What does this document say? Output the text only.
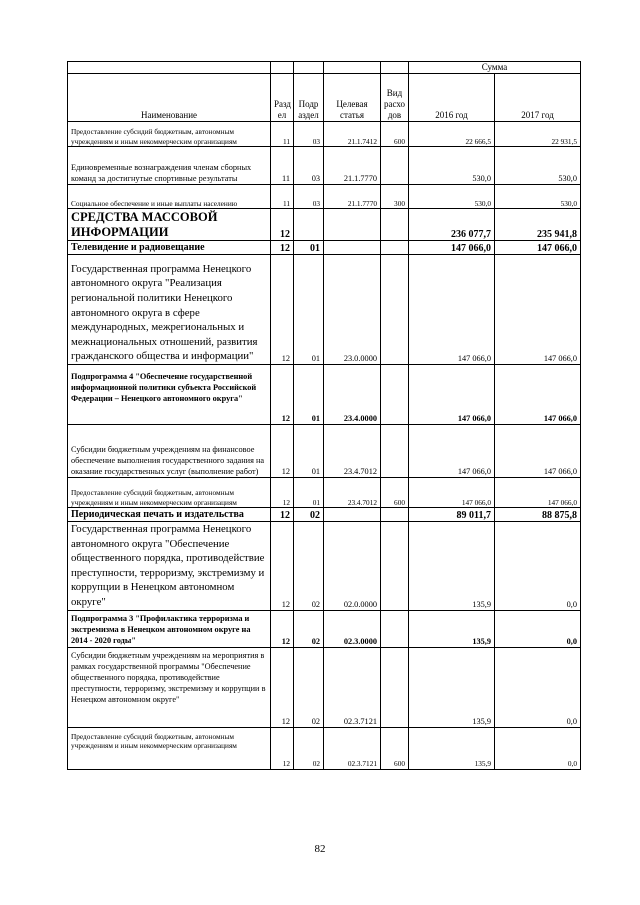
					Сумма	
Наименование	Разд ел	Подр аздел	Целевая статья	Вид расхо дов	2016 год	2017 год
Предоставление субсидий бюджетным, автономным учреждениям и иным некоммерческим организациям	11	03	21.1.7412	600	22 666,5	22 931,5
Единовременные вознаграждения членам сборных команд за достигнутые спортивные результаты	11	03	21.1.7770		530,0	530,0
Социальное обеспечение и иные выплаты населению	11	03	21.1.7770	300	530,0	530,0
СРЕДСТВА МАССОВОЙ ИНФОРМАЦИИ	12				236 077,7	235 941,8
Телевидение и радиовещание	12	01			147 066,0	147 066,0
Государственная программа Ненецкого автономного округа "Реализация региональной политики Ненецкого автономного округа в сфере международных, межрегиональных и межнациональных отношений, развития гражданского общества и информации"	12	01	23.0.0000		147 066,0	147 066,0
Подпрограмма 4 "Обеспечение государственной информационной политики субъекта Российской Федерации – Ненецкого автономного округа"	12	01	23.4.0000		147 066,0	147 066,0
Субсидии бюджетным учреждениям на финансовое обеспечение выполнения государственного задания на оказание государственных услуг (выполнение работ)	12	01	23.4.7012		147 066,0	147 066,0
Предоставление субсидий бюджетным, автономным учреждениям и иным некоммерческим организациям	12	01	23.4.7012	600	147 066,0	147 066,0
Периодическая печать и издательства	12	02			89 011,7	88 875,8
Государственная программа Ненецкого автономного округа "Обеспечение общественного порядка, противодействие преступности, терроризму, экстремизму и коррупции в Ненецком автономном округе"	12	02	02.0.0000		135,9	0,0
Подпрограмма 3 "Профилактика терроризма и экстремизма в Ненецком автономном округе на 2014 - 2020 годы"	12	02	02.3.0000		135,9	0,0
Субсидии бюджетным учреждениям на мероприятия в рамках государственной программы "Обеспечение общественного порядка, противодействие преступности, терроризму, экстремизму и коррупции в Ненецком автономном округе"	12	02	02.3.7121		135,9	0,0
Предоставление субсидий бюджетным, автономным учреждениям и иным некоммерческим организациям	12	02	02.3.7121	600	135,9	0,0
82
